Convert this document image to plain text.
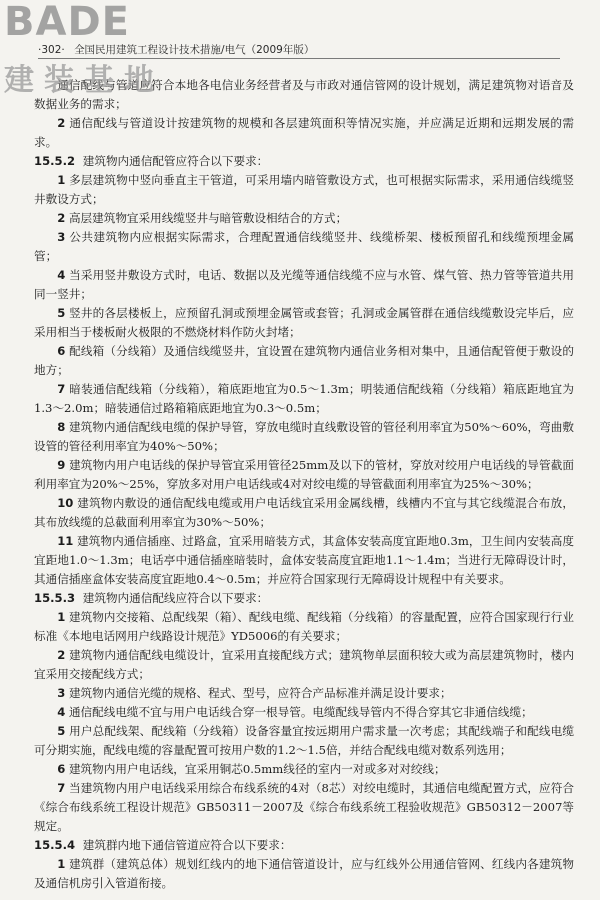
BADE
建装基地
·302· 全国民用建筑工程设计技术措施/电气（2009年版）

通信配线与管道应符合本地各电信业务经营者及与市政对通信管网的设计规划，满足建筑物对语音及数据业务的需求；

2 通信配线与管道设计按建筑物的规模和各层建筑面积等情况实施，并应满足近期和远期发展的需求。

15.5.2 建筑物内通信配管应符合以下要求：

1 多层建筑物中竖向垂直主干管道，可采用墙内暗管敷设方式，也可根据实际需求，采用通信线缆竖井敷设方式；

2 高层建筑物宜采用线缆竖井与暗管敷设相结合的方式；

3 公共建筑物内应根据实际需求，合理配置通信线缆竖井、线缆桥架、楼板预留孔和线缆预埋金属管；

4 当采用竖井敷设方式时，电话、数据以及光缆等通信线缆不应与水管、煤气管、热力管等管道共用同一竖井；

5 竖井的各层楼板上，应预留孔洞或预埋金属管或套管；孔洞或金属管群在通信线缆敷设完毕后，应采用相当于楼板耐火极限的不燃烧材料作防火封堵；

6 配线箱（分线箱）及通信线缆竖井，宜设置在建筑物内通信业务相对集中，且通信配管便于敷设的地方；

7 暗装通信配线箱（分线箱），箱底距地宜为0.5～1.3m；明装通信配线箱（分线箱）箱底距地宜为1.3～2.0m；暗装通信过路箱箱底距地宜为0.3～0.5m；

8 建筑物内通信配线电缆的保护导管，穿放电缆时直线敷设管的管径利用率宜为50%～60%，弯曲敷设管的管径利用率宜为40%～50%；

9 建筑物内用户电话线的保护导管宜采用管径25mm及以下的管材，穿放对绞用户电话线的导管截面利用率宜为20%～25%，穿放多对用户电话线或4对对绞电缆的导管截面利用率宜为25%～30%；

10 建筑物内敷设的通信配线电缆或用户电话线宜采用金属线槽，线槽内不宜与其它线缆混合布放，其布放线缆的总截面利用率宜为30%～50%；

11 建筑物内通信插座、过路盒，宜采用暗装方式，其盒体安装高度宜距地0.3m，卫生间内安装高度宜距地1.0～1.3m；电话亭中通信插座暗装时，盒体安装高度宜距地1.1～1.4m；当进行无障碍设计时，其通信插座盒体安装高度宜距地0.4～0.5m；并应符合国家现行无障碍设计规程中有关要求。

15.5.3 建筑物内通信配线应符合以下要求：

1 建筑物内交接箱、总配线架（箱）、配线电缆、配线箱（分线箱）的容量配置，应符合国家现行行业标准《本地电话网用户线路设计规范》YD5006的有关要求；

2 建筑物内通信配线电缆设计，宜采用直接配线方式；建筑物单层面积较大或为高层建筑物时，楼内宜采用交接配线方式；

3 建筑物内通信光缆的规格、程式、型号，应符合产品标准并满足设计要求；

4 通信配线电缆不宜与用户电话线合穿一根导管。电缆配线导管内不得合穿其它非通信线缆；

5 用户总配线架、配线箱（分线箱）设备容量宜按远期用户需求量一次考虑；其配线端子和配线电缆可分期实施，配线电缆的容量配置可按用户数的1.2～1.5倍，并结合配线电缆对数系列选用；

6 建筑物内用户电话线，宜采用铜芯0.5mm线径的室内一对或多对对绞线；

7 当建筑物内用户电话线采用综合布线系统的4对（8芯）对绞电缆时，其通信电缆配置方式，应符合《综合布线系统工程设计规范》GB50311－2007及《综合布线系统工程验收规范》GB50312－2007等规定。

15.5.4 建筑群内地下通信管道应符合以下要求：

1 建筑群（建筑总体）规划红线内的地下通信管道设计，应与红线外公用通信管网、红线内各建筑物及通信机房引入管道衔接。
